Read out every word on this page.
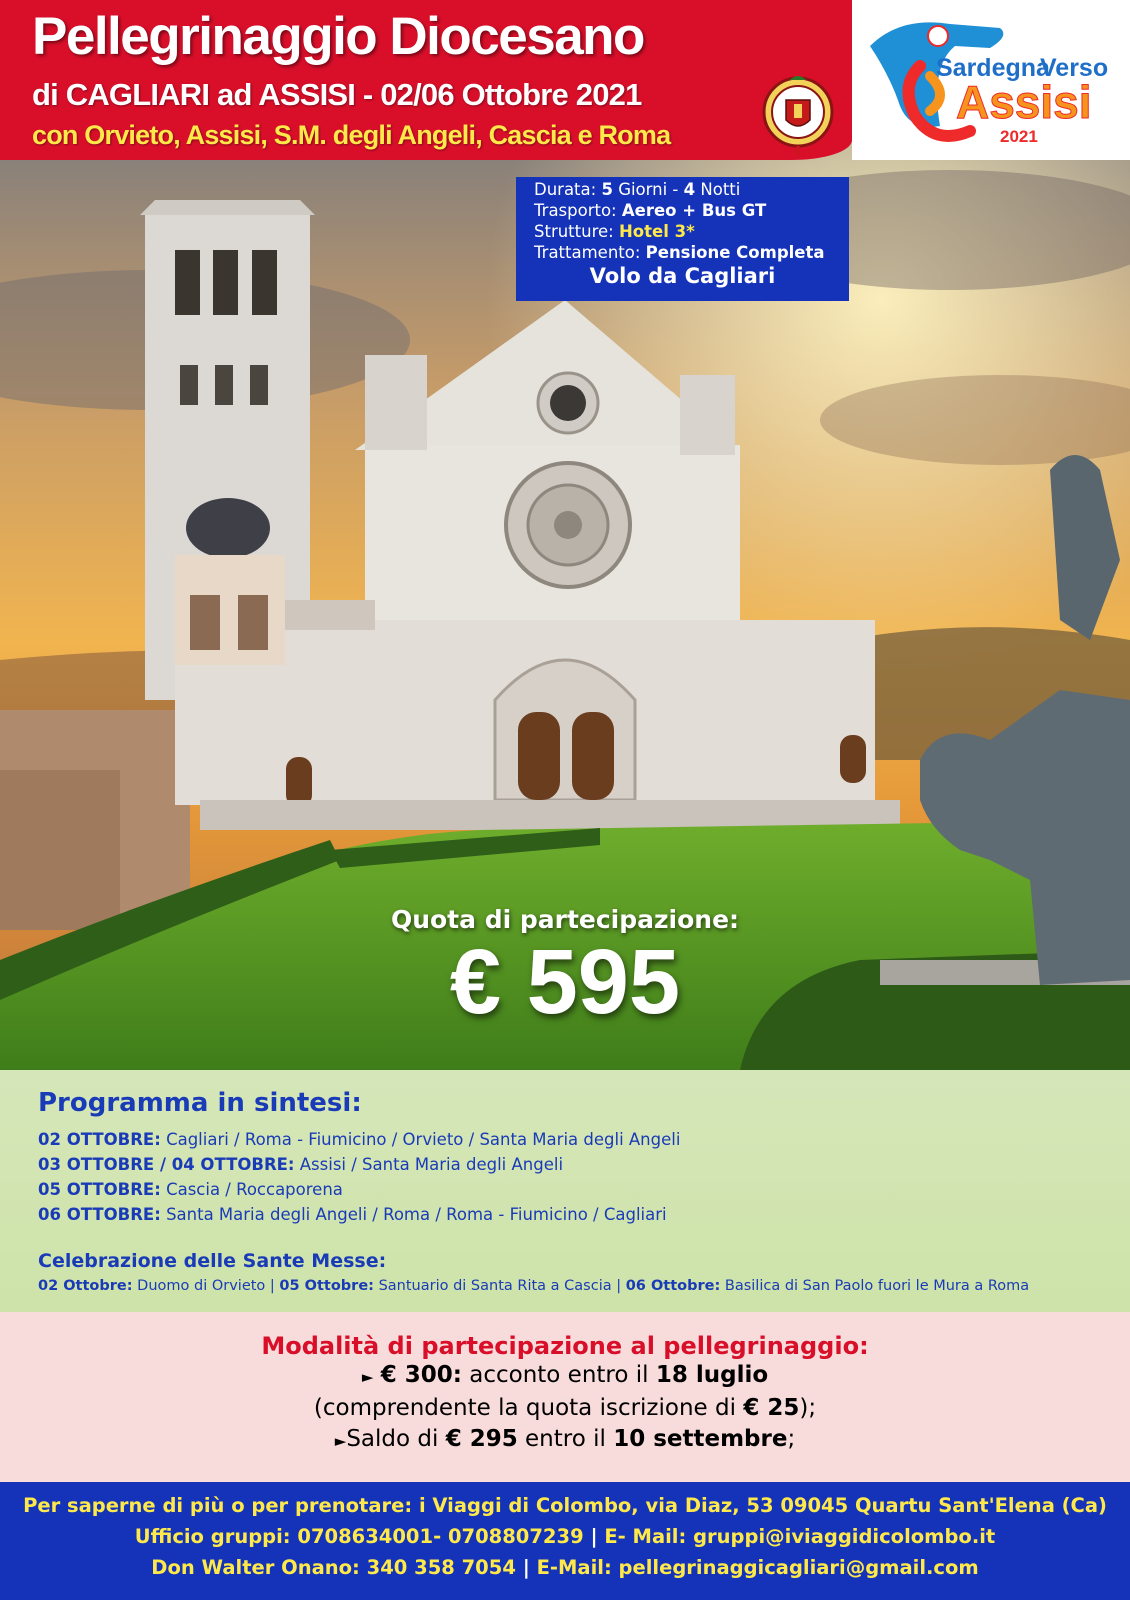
Pellegrinaggio Diocesano
di CAGLIARI ad ASSISI - 02/06 Ottobre 2021
con Orvieto, Assisi, S.M. degli Angeli, Cascia e Roma
Sardegna
Verso
Assisi
2021
Durata: 5 Giorni - 4 Notti
Trasporto: Aereo + Bus GT
Strutture: Hotel 3*
Trattamento: Pensione Completa
Volo da Cagliari
Quota di partecipazione:
€ 595
Programma in sintesi:
02 OTTOBRE: Cagliari / Roma - Fiumicino / Orvieto / Santa Maria degli Angeli
03 OTTOBRE / 04 OTTOBRE: Assisi / Santa Maria degli Angeli
05 OTTOBRE: Cascia / Roccaporena
06 OTTOBRE: Santa Maria degli Angeli / Roma / Roma - Fiumicino / Cagliari
Celebrazione delle Sante Messe:
02 Ottobre: Duomo di Orvieto | 05 Ottobre: Santuario di Santa Rita a Cascia | 06 Ottobre: Basilica di San Paolo fuori le Mura a Roma
Modalità di partecipazione al pellegrinaggio:
► € 300: acconto entro il 18 luglio
(comprendente la quota iscrizione di € 25);
►Saldo di € 295 entro il 10 settembre;
Per saperne di più o per prenotare: i Viaggi di Colombo, via Diaz, 53 09045 Quartu Sant'Elena (Ca)
Ufficio gruppi: 0708634001- 0708807239 | E- Mail: gruppi@iviaggidicolombo.it
Don Walter Onano: 340 358 7054 | E-Mail: pellegrinaggicagliari@gmail.com
